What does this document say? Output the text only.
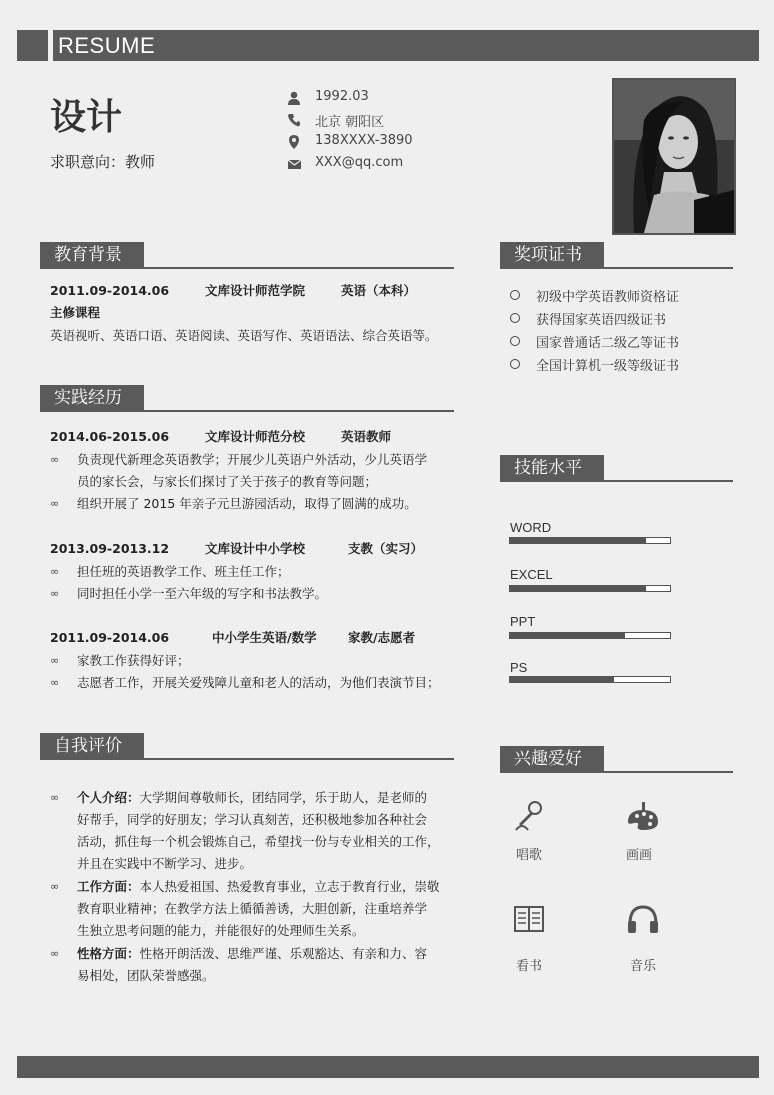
RESUME
设计
求职意向：教师
1992.03
北京 朝阳区
138XXXX-3890
XXX@qq.com
教育背景
2011.09-2014.06	文库设计师范学院	英语（本科）
主修课程
英语视听、英语口语、英语阅读、英语写作、英语语法、综合英语等。
实践经历
2014.06-2015.06	文库设计师范分校	英语教师
∞ 负责现代新理念英语教学；开展少儿英语户外活动，少儿英语学
员的家长会，与家长们探讨了关于孩子的教育等问题；
∞ 组织开展了 2015 年亲子元旦游园活动，取得了圆满的成功。
2013.09-2013.12	文库设计中小学校	支教（实习）
∞ 担任班的英语教学工作、班主任工作；
∞ 同时担任小学一至六年级的写字和书法教学。
2011.09-2014.06	中小学生英语/数学	家教/志愿者
∞ 家教工作获得好评；
∞ 志愿者工作，开展关爱残障儿童和老人的活动，为他们表演节目；
自我评价
∞ 个人介绍：大学期间尊敬师长，团结同学，乐于助人，是老师的
好帮手，同学的好朋友；学习认真刻苦，还积极地参加各种社会
活动，抓住每一个机会锻炼自己，希望找一份与专业相关的工作，
并且在实践中不断学习、进步。
∞ 工作方面：本人热爱祖国、热爱教育事业，立志于教育行业，崇敬
教育职业精神；在教学方法上循循善诱，大胆创新，注重培养学
生独立思考问题的能力，并能很好的处理师生关系。
∞ 性格方面：性格开朗活泼、思维严谨、乐观豁达、有亲和力、容
易相处，团队荣誉感强。
奖项证书
初级中学英语教师资格证
获得国家英语四级证书
国家普通话二级乙等证书
全国计算机一级等级证书
技能水平
WORD
EXCEL
PPT
PS
兴趣爱好
唱歌	画画
看书	音乐
